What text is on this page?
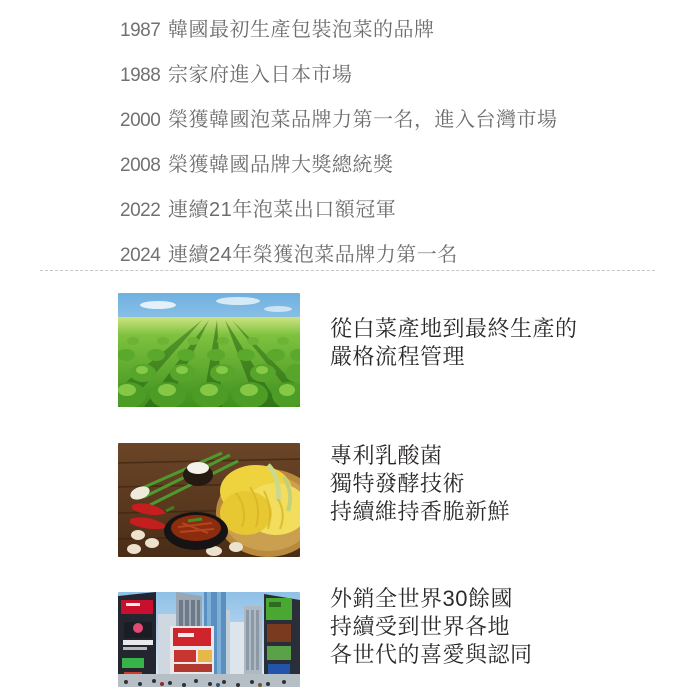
1987 韓國最初生產包裝泡菜的品牌
1988 宗家府進入日本市場
2000 榮獲韓國泡菜品牌力第一名，進入台灣市場
2008 榮獲韓國品牌大獎總統獎
2022 連續21年泡菜出口額冠軍
2024 連續24年榮獲泡菜品牌力第一名
從白菜產地到最終生產的
嚴格流程管理
專利乳酸菌
獨特發酵技術
持續維持香脆新鮮
外銷全世界30餘國
持續受到世界各地
各世代的喜愛與認同
